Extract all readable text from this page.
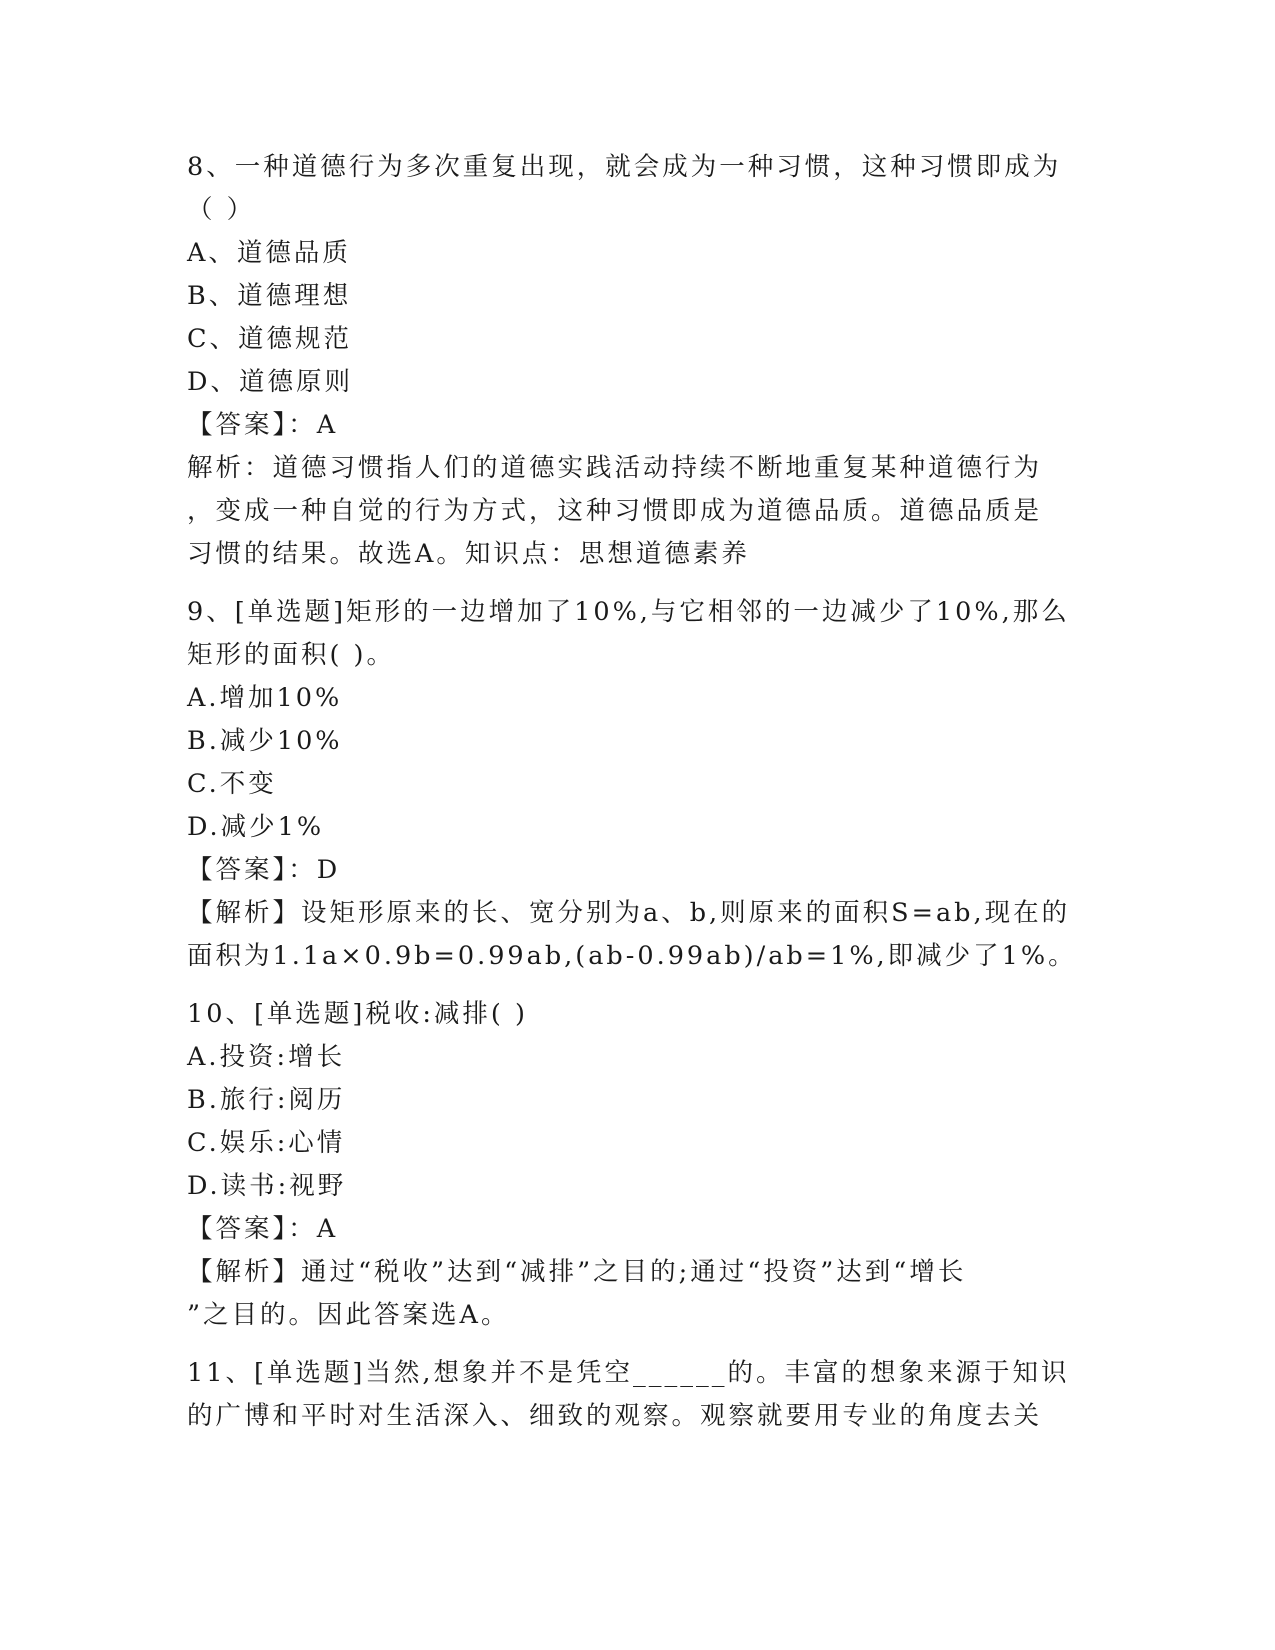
8、一种道德行为多次重复出现，就会成为一种习惯，这种习惯即成为
（ ）
A、道德品质
B、道德理想
C、道德规范
D、道德原则
【答案】：A
解析：道德习惯指人们的道德实践活动持续不断地重复某种道德行为
，变成一种自觉的行为方式，这种习惯即成为道德品质。道德品质是
习惯的结果。故选A。知识点：思想道德素养
9、[单选题]矩形的一边增加了10%,与它相邻的一边减少了10%,那么
矩形的面积( )。
A.增加10%
B.减少10%
C.不变
D.减少1%
【答案】：D
【解析】设矩形原来的长、宽分别为a、b,则原来的面积S=ab,现在的
面积为1.1a×0.9b=0.99ab,(ab-0.99ab)/ab=1%,即减少了1%。
10、[单选题]税收:减排( )
A.投资:增长
B.旅行:阅历
C.娱乐:心情
D.读书:视野
【答案】：A
【解析】通过“税收”达到“减排”之目的;通过“投资”达到“增长
”之目的。因此答案选A。
11、[单选题]当然,想象并不是凭空______的。丰富的想象来源于知识
的广博和平时对生活深入、细致的观察。观察就要用专业的角度去关
